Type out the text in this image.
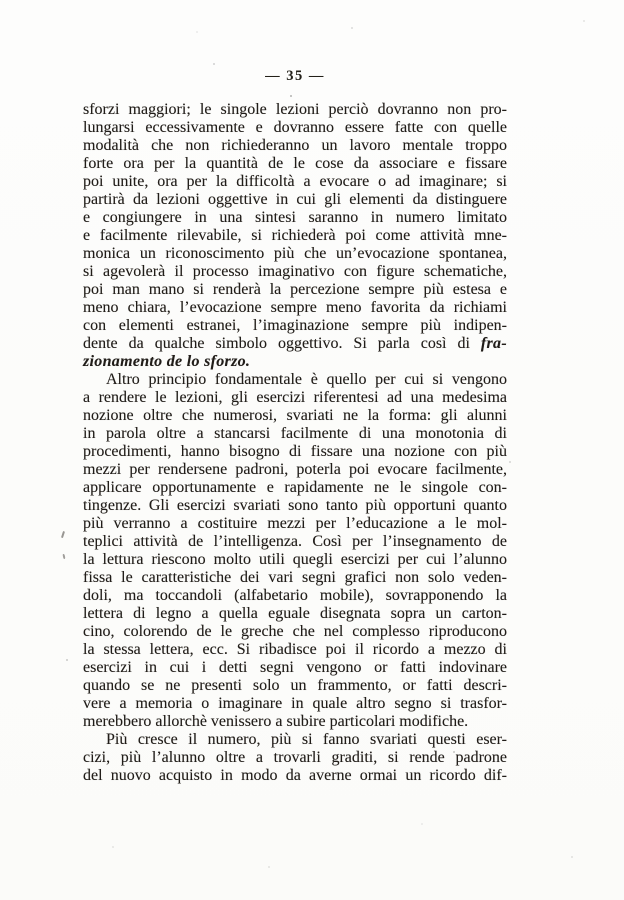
— 35 —
sforzi maggiori; le singole lezioni perciò dovranno non pro-
lungarsi eccessivamente e dovranno essere fatte con quelle
modalità che non richiederanno un lavoro mentale troppo
forte ora per la quantità de le cose da associare e fissare
poi unite, ora per la difficoltà a evocare o ad imaginare; si
partirà da lezioni oggettive in cui gli elementi da distinguere
e congiungere in una sintesi saranno in numero limitato
e facilmente rilevabile, si richiederà poi come attività mne-
monica un riconoscimento più che un’evocazione spontanea,
si agevolerà il processo imaginativo con figure schematiche,
poi man mano si renderà la percezione sempre più estesa e
meno chiara, l’evocazione sempre meno favorita da richiami
con elementi estranei, l’imaginazione sempre più indipen-
dente da qualche simbolo oggettivo. Si parla così di fra-
zionamento de lo sforzo.
Altro principio fondamentale è quello per cui si vengono
a rendere le lezioni, gli esercizi riferentesi ad una medesima
nozione oltre che numerosi, svariati ne la forma: gli alunni
in parola oltre a stancarsi facilmente di una monotonia di
procedimenti, hanno bisogno di fissare una nozione con più
mezzi per rendersene padroni, poterla poi evocare facilmente,
applicare opportunamente e rapidamente ne le singole con-
tingenze. Gli esercizi svariati sono tanto più opportuni quanto
più verranno a costituire mezzi per l’educazione a le mol-
teplici attività de l’intelligenza. Così per l’insegnamento de
la lettura riescono molto utili quegli esercizi per cui l’alunno
fissa le caratteristiche dei vari segni grafici non solo veden-
doli, ma toccandoli (alfabetario mobile), sovrapponendo la
lettera di legno a quella eguale disegnata sopra un carton-
cino, colorendo de le greche che nel complesso riproducono
la stessa lettera, ecc. Si ribadisce poi il ricordo a mezzo di
esercizi in cui i detti segni vengono or fatti indovinare
quando se ne presenti solo un frammento, or fatti descri-
vere a memoria o imaginare in quale altro segno si trasfor-
merebbero allorchè venissero a subire particolari modifiche.
Più cresce il numero, più si fanno svariati questi eser-
cizi, più l’alunno oltre a trovarli graditi, si rende padrone
del nuovo acquisto in modo da averne ormai un ricordo dif-
